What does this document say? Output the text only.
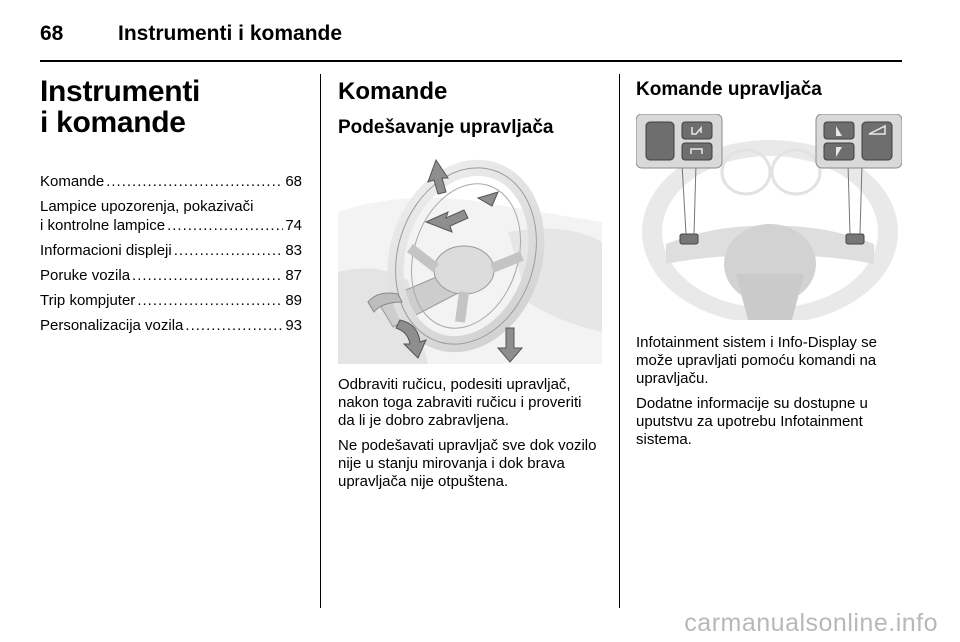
68	Instrumenti i komande
Instrumenti
i komande
Komande .....	68
Lampice upozorenja, pokazivači
i kontrolne lampice .....	74
Informacioni displeji .....	83
Poruke vozila .....	87
Trip kompjuter .....	89
Personalizacija vozila .....	93
Komande
Podešavanje upravljača

Odbraviti ručicu, podesiti upravljač, nakon toga zabraviti ručicu i proveriti da li je dobro zabravljena.

Ne podešavati upravljač sve dok vozilo nije u stanju mirovanja i dok brava upravljača nije otpuštena.

Komande upravljača

Infotainment sistem i Info-Display se može upravljati pomoću komandi na upravljaču.

Dodatne informacije su dostupne u uputstvu za upotrebu Infotainment sistema.

carmanualsonline.info
